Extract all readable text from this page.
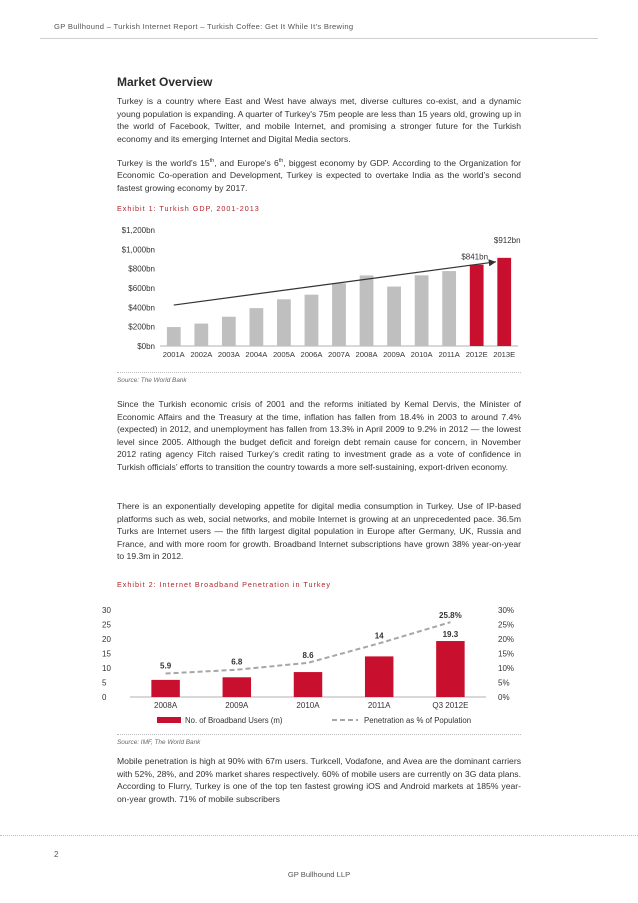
GP Bullhound – Turkish Internet Report – Turkish Coffee: Get It While It’s Brewing
Market Overview
Turkey is a country where East and West have always met, diverse cultures co-exist, and a dynamic young population is expanding. A quarter of Turkey's 75m people are less than 15 years old, growing up in the world of Facebook, Twitter, and mobile Internet, and promising a stronger future for the Turkish economy and its emerging Internet and Digital Media sectors.
Turkey is the world's 15th, and Europe's 6th, biggest economy by GDP. According to the Organization for Economic Co-operation and Development, Turkey is expected to overtake India as the world’s second fastest growing economy by 2017.
Exhibit 1: Turkish GDP, 2001-2013
$0bn
$200bn
$400bn
$600bn
$800bn
$1,000bn
$1,200bn
2001A 2002A 2003A 2004A 2005A 2006A 2007A 2008A 2009A 2010A 2011A 2012E
$841bn
2013E
$912bn
Source: The World Bank
Since the Turkish economic crisis of 2001 and the reforms initiated by Kemal Dervis, the Minister of Economic Affairs and the Treasury at the time, inflation has fallen from 18.4% in 2003 to around 7.4% (expected) in 2012, and unemployment has fallen from 13.3% in April 2009 to 9.2% in 2012 — the lowest level since 2005. Although the budget deficit and foreign debt remain cause for concern, in November 2012 rating agency Fitch raised Turkey’s credit rating to investment grade as a vote of confidence in Turkish officials’ efforts to transition the country towards a more self-sustaining, export-driven economy.
There is an exponentially developing appetite for digital media consumption in Turkey. Use of IP-based platforms such as web, social networks, and mobile Internet is growing at an unprecedented pace. 36.5m Turks are Internet users — the fifth largest digital population in Europe after Germany, UK, Russia and France, and with more room for growth. Broadband Internet subscriptions have grown 38% year-on-year to 19.3m in 2012.
Exhibit 2: Internet Broadband Penetration in Turkey
0
5
10
15
20
25
30
0%
5%
10%
15%
20%
25%
30%
2008A	2009A	2010A	2011A	Q3 2012E
5.9	6.8
8.6
14	19.3
25.8%
No. of Broadband Users (m)	Penetration as % of Population
Source: IMF, The World Bank
Mobile penetration is high at 90% with 67m users. Turkcell, Vodafone, and Avea are the dominant carriers with 52%, 28%, and 20% market shares respectively. 60% of mobile users are currently on 3G data plans. According to Flurry, Turkey is one of the top ten fastest growing iOS and Android markets at 185% year-on-year growth. 71% of mobile subscribers
2
GP Bullhound LLP
